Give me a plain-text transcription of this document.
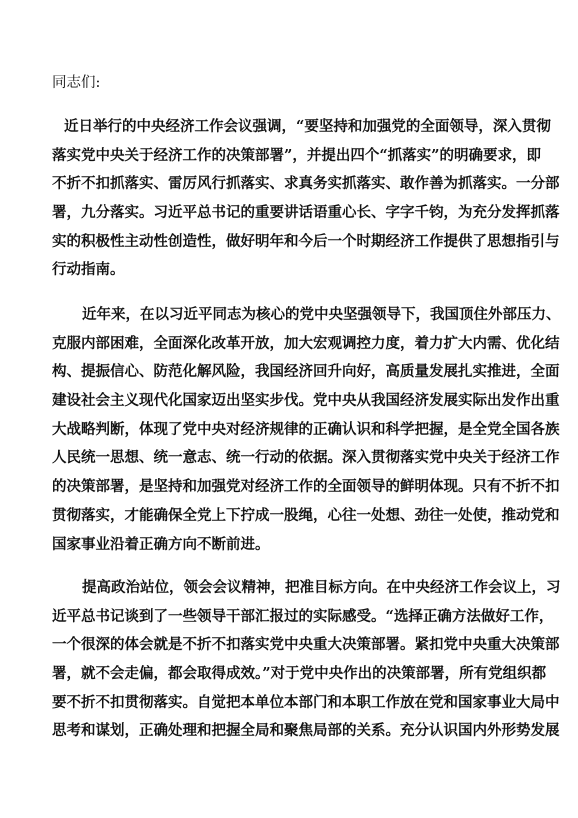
同志们:

近日举行的中央经济工作会议强调，“要坚持和加强党的全面领导，深入贯彻
落实党中央关于经济工作的决策部署”，并提出四个“抓落实”的明确要求，即
不折不扣抓落实、雷厉风行抓落实、求真务实抓落实、敢作善为抓落实。一分部
署，九分落实。习近平总书记的重要讲话语重心长、字字千钧，为充分发挥抓落
实的积极性主动性创造性，做好明年和今后一个时期经济工作提供了思想指引与
行动指南。
近年来，在以习近平同志为核心的党中央坚强领导下，我国顶住外部压力、
克服内部困难，全面深化改革开放，加大宏观调控力度，着力扩大内需、优化结
构、提振信心、防范化解风险，我国经济回升向好，高质量发展扎实推进，全面
建设社会主义现代化国家迈出坚实步伐。党中央从我国经济发展实际出发作出重
大战略判断，体现了党中央对经济规律的正确认识和科学把握，是全党全国各族
人民统一思想、统一意志、统一行动的依据。深入贯彻落实党中央关于经济工作
的决策部署，是坚持和加强党对经济工作的全面领导的鲜明体现。只有不折不扣
贯彻落实，才能确保全党上下拧成一股绳，心往一处想、劲往一处使，推动党和
国家事业沿着正确方向不断前进。
提高政治站位，领会会议精神，把准目标方向。在中央经济工作会议上，习
近平总书记谈到了一些领导干部汇报过的实际感受。“选择正确方法做好工作，
一个很深的体会就是不折不扣落实党中央重大决策部署。紧扣党中央重大决策部
署，就不会走偏，都会取得成效。”对于党中央作出的决策部署，所有党组织都
要不折不扣贯彻落实。自觉把本单位本部门和本职工作放在党和国家事业大局中
思考和谋划，正确处理和把握全局和聚焦局部的关系。充分认识国内外形势发展
